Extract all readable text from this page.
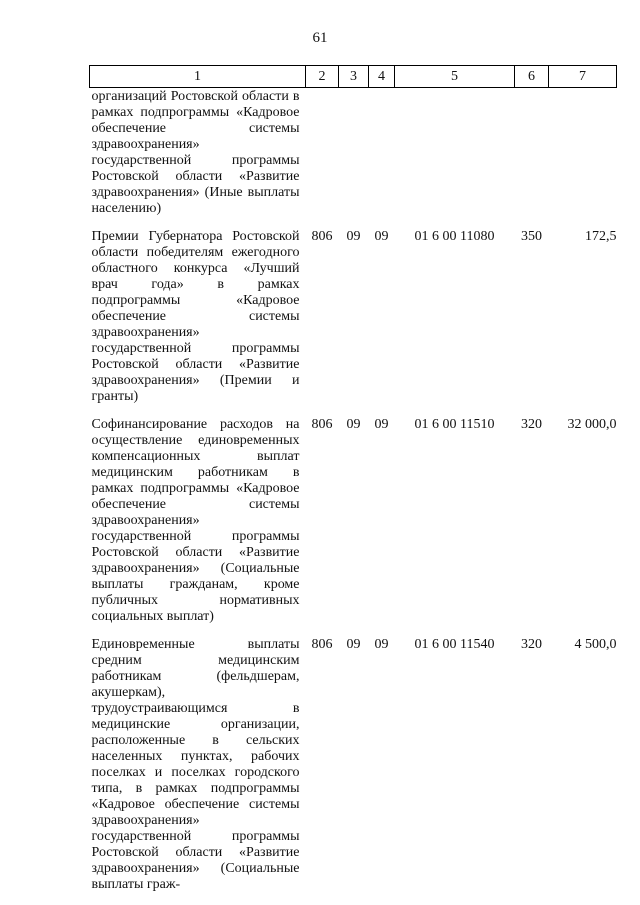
61
1	2	3	4	5	6	7
организаций Ростовской области в рамках подпрограммы «Кадровое обеспечение системы здравоохранения» государственной программы Ростовской области «Развитие здравоохранения» (Иные выплаты населению)						
Премии Губернатора Ростовской области победителям ежегодного областного конкурса «Лучший врач года» в рамках подпрограммы «Кадровое обеспечение системы здравоохранения» государственной программы Ростовской области «Развитие здравоохранения» (Премии и гранты)	806	09	09	01 6 00 11080	350	172,5
Софинансирование расходов на осуществление единовременных компенсационных выплат медицинским работникам в рамках подпрограммы «Кадровое обеспечение системы здравоохранения» государственной программы Ростовской области «Развитие здравоохранения» (Социальные выплаты гражданам, кроме публичных нормативных социальных выплат)	806	09	09	01 6 00 11510	320	32 000,0
Единовременные выплаты средним медицинским работникам (фельдшерам, акушеркам), трудоустраивающимся в медицинские организации, расположенные в сельских населенных пунктах, рабочих поселках и поселках городского типа, в рамках подпрограммы «Кадровое обеспечение системы здравоохранения» государственной программы Ростовской области «Развитие здравоохранения» (Социальные выплаты граж-	806	09	09	01 6 00 11540	320	4 500,0
